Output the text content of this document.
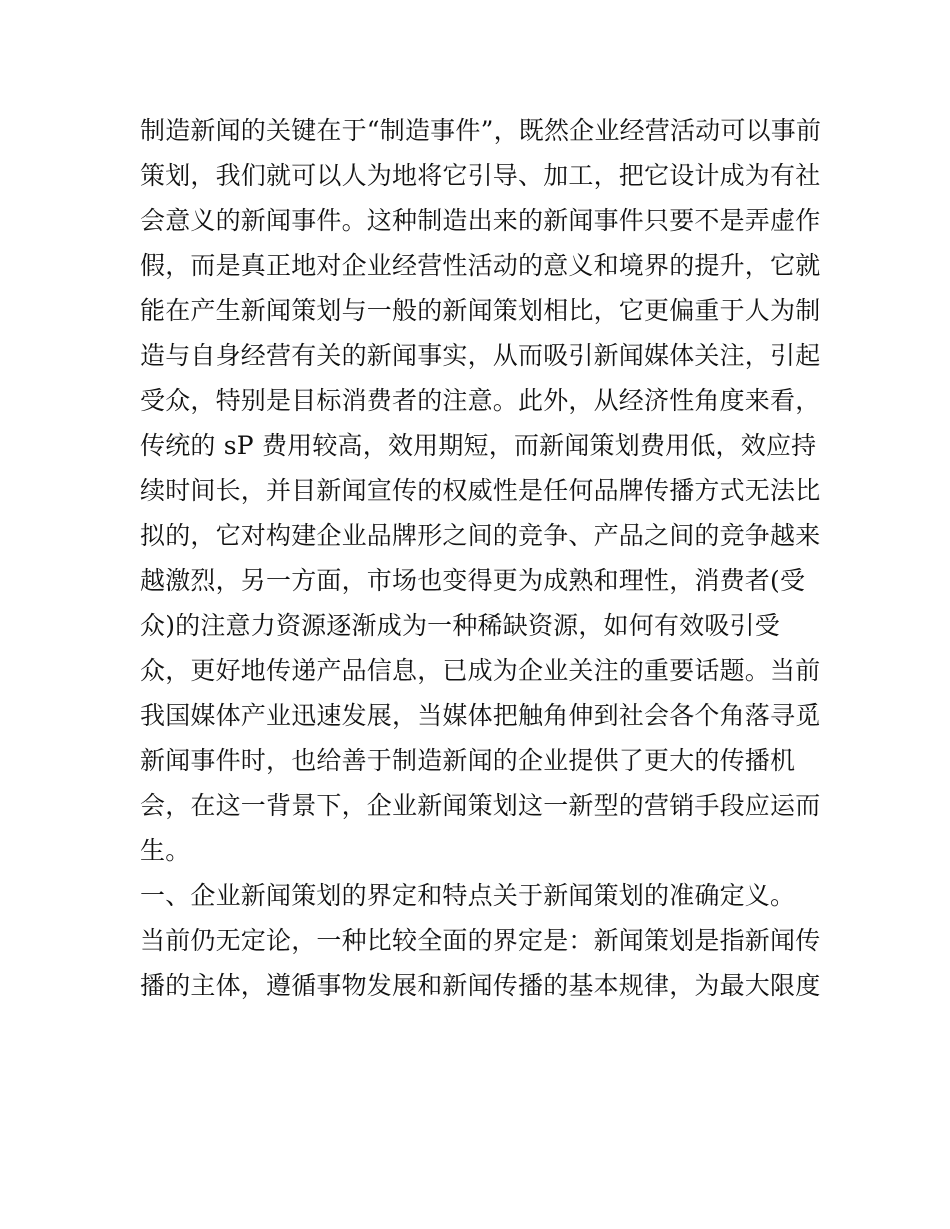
制造新闻的关键在于“制造事件”，既然企业经营活动可以事前
策划，我们就可以人为地将它引导、加工，把它设计成为有社
会意义的新闻事件。这种制造出来的新闻事件只要不是弄虚作
假，而是真正地对企业经营性活动的意义和境界的提升，它就
能在产生新闻策划与一般的新闻策划相比，它更偏重于人为制
造与自身经营有关的新闻事实，从而吸引新闻媒体关注，引起
受众，特别是目标消费者的注意。此外，从经济性角度来看，
传统的 sP 费用较高，效用期短，而新闻策划费用低，效应持
续时间长，并目新闻宣传的权威性是任何品牌传播方式无法比
拟的，它对构建企业品牌形之间的竞争、产品之间的竞争越来
越激烈，另一方面，市场也变得更为成熟和理性，消费者(受
众)的注意力资源逐渐成为一种稀缺资源，如何有效吸引受
众，更好地传递产品信息，已成为企业关注的重要话题。当前
我国媒体产业迅速发展，当媒体把触角伸到社会各个角落寻觅
新闻事件时，也给善于制造新闻的企业提供了更大的传播机
会，在这一背景下，企业新闻策划这一新型的营销手段应运而
生。
一、企业新闻策划的界定和特点关于新闻策划的准确定义。
当前仍无定论，一种比较全面的界定是：新闻策划是指新闻传
播的主体，遵循事物发展和新闻传播的基本规律，为最大限度
